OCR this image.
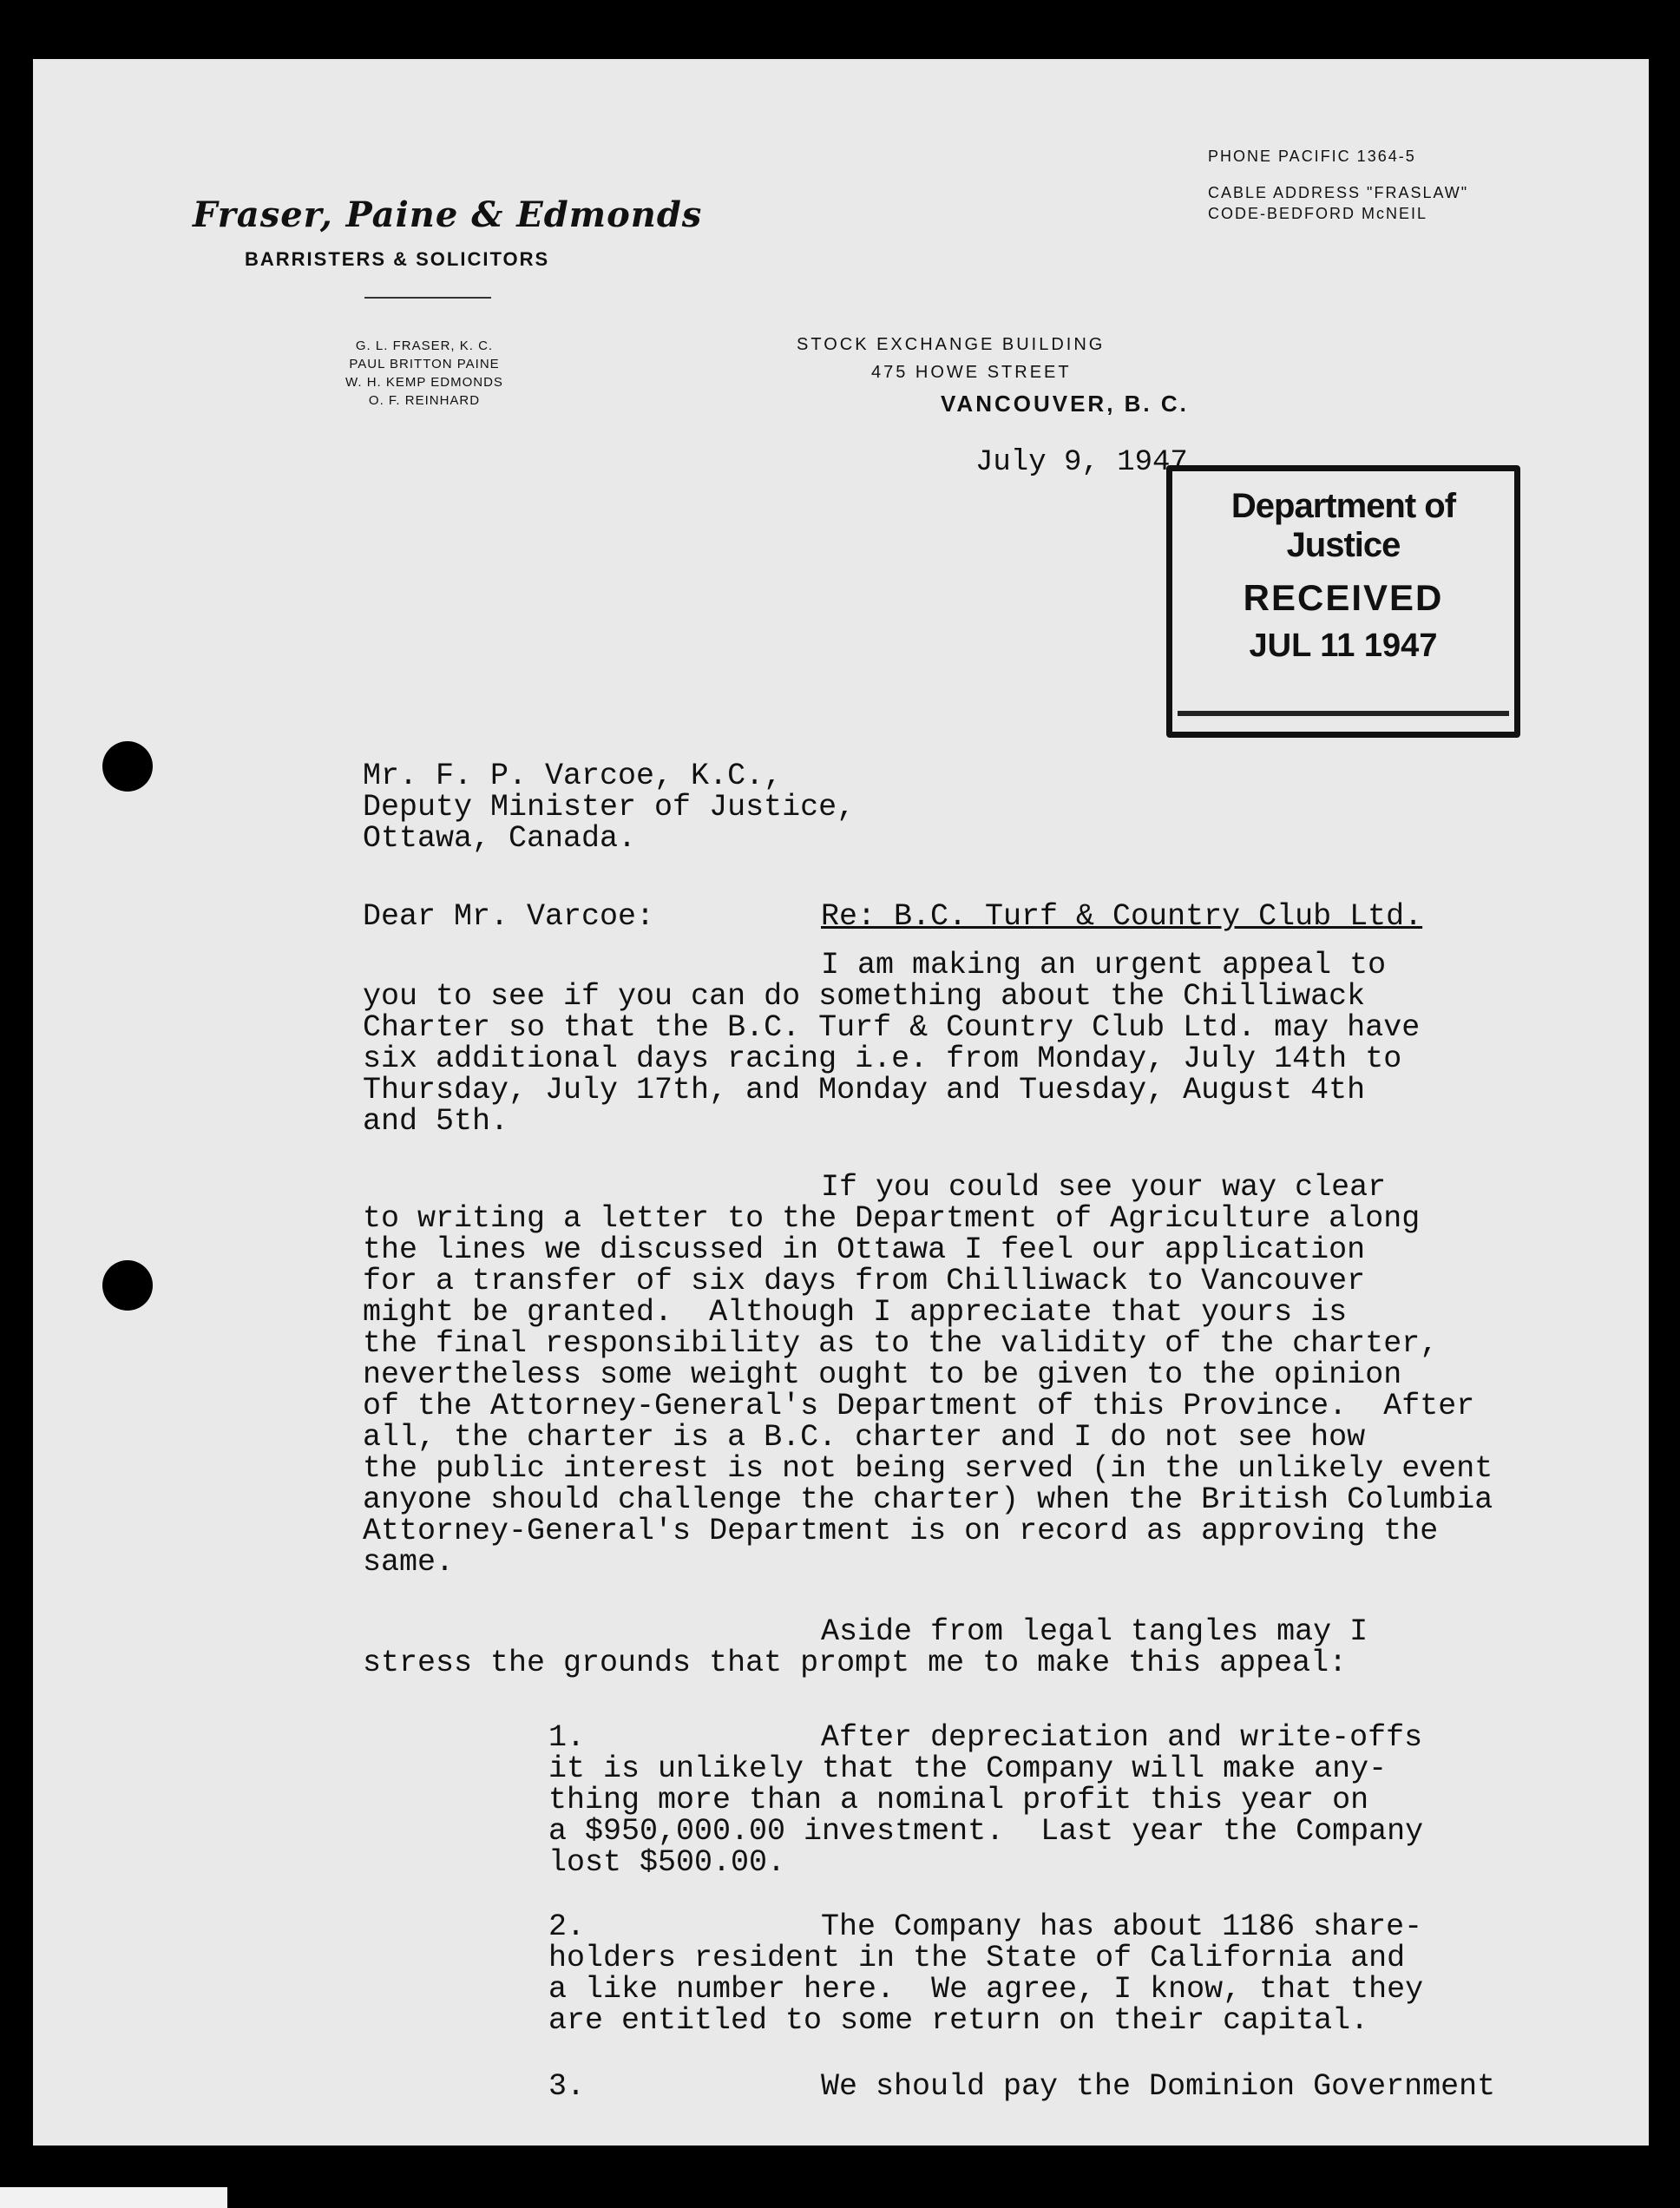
Fraser, Paine & Edmonds
BARRISTERS & SOLICITORS
G. L. FRASER, K. C.
PAUL BRITTON PAINE
W. H. KEMP EDMONDS
O. F. REINHARD
PHONE PACIFIC 1364-5
CABLE ADDRESS "FRASLAW"
CODE-BEDFORD McNEIL
STOCK EXCHANGE BUILDING
475 HOWE STREET
VANCOUVER, B. C.
July 9, 1947.
Department of Justice
RECEIVED
JUL 11 1947
Mr. F. P. Varcoe, K.C.,
Deputy Minister of Justice,
Ottawa, Canada.
Dear Mr. Varcoe:	Re: B.C. Turf & Country Club Ltd.
I am making an urgent appeal to
you to see if you can do something about the Chilliwack
Charter so that the B.C. Turf & Country Club Ltd. may have
six additional days racing i.e. from Monday, July 14th to
Thursday, July 17th, and Monday and Tuesday, August 4th
and 5th.
If you could see your way clear
to writing a letter to the Department of Agriculture along
the lines we discussed in Ottawa I feel our application
for a transfer of six days from Chilliwack to Vancouver
might be granted.  Although I appreciate that yours is
the final responsibility as to the validity of the charter,
nevertheless some weight ought to be given to the opinion
of the Attorney-General's Department of this Province.  After
all, the charter is a B.C. charter and I do not see how
the public interest is not being served (in the unlikely event
anyone should challenge the charter) when the British Columbia
Attorney-General's Department is on record as approving the
same.
Aside from legal tangles may I
stress the grounds that prompt me to make this appeal:
1.	After depreciation and write-offs
it is unlikely that the Company will make any-
thing more than a nominal profit this year on
a $950,000.00 investment.  Last year the Company
lost $500.00.
2.	The Company has about 1186 share-
holders resident in the State of California and
a like number here.  We agree, I know, that they
are entitled to some return on their capital.
3.	We should pay the Dominion Government
